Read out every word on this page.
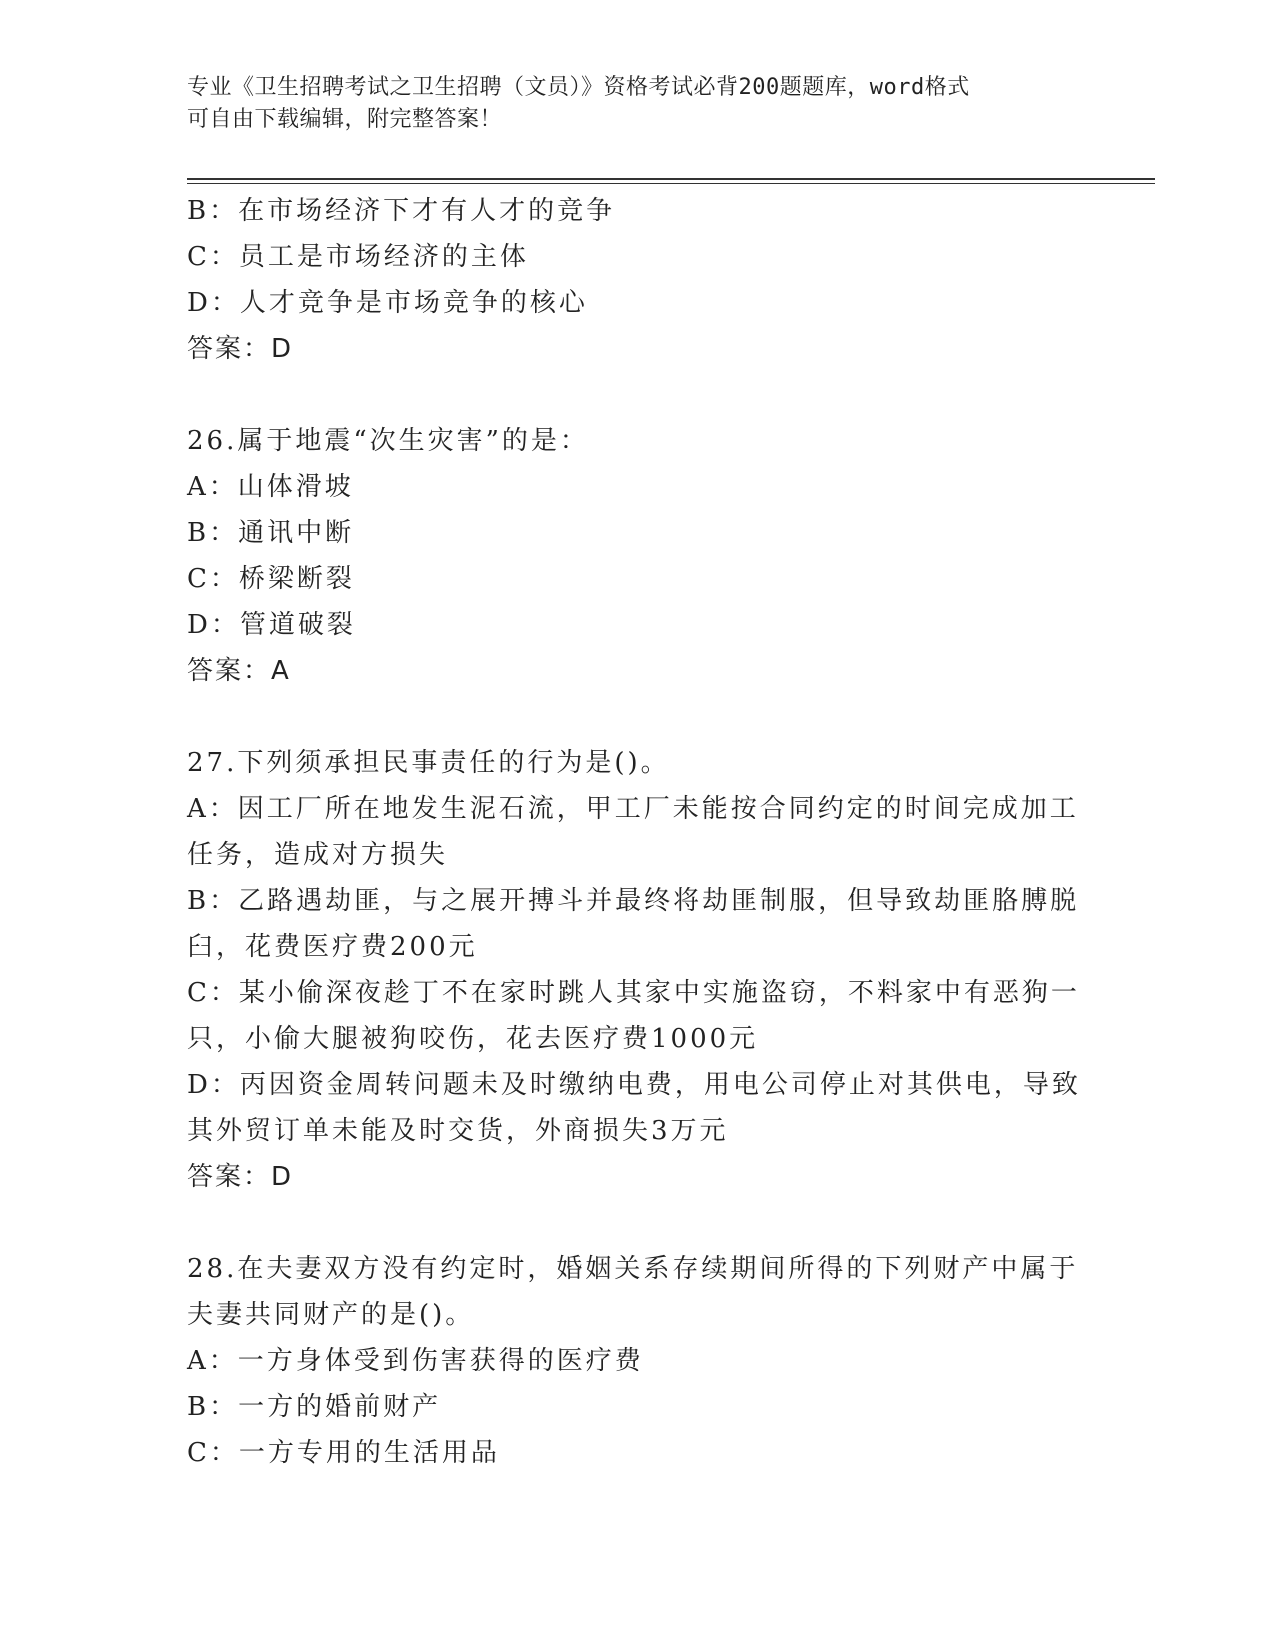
专业《卫生招聘考试之卫生招聘（文员）》资格考试必背200题题库，word格式
可自由下载编辑，附完整答案！
B：在市场经济下才有人才的竞争
C：员工是市场经济的主体
D：人才竞争是市场竞争的核心
答案：D
26.属于地震“次生灾害”的是：
A：山体滑坡
B：通讯中断
C：桥梁断裂
D：管道破裂
答案：A
27.下列须承担民事责任的行为是()。
A：因工厂所在地发生泥石流，甲工厂未能按合同约定的时间完成加工
任务，造成对方损失
B：乙路遇劫匪，与之展开搏斗并最终将劫匪制服，但导致劫匪胳膊脱
臼，花费医疗费200元
C：某小偷深夜趁丁不在家时跳人其家中实施盗窃，不料家中有恶狗一
只，小偷大腿被狗咬伤，花去医疗费1000元
D：丙因资金周转问题未及时缴纳电费，用电公司停止对其供电，导致
其外贸订单未能及时交货，外商损失3万元
答案：D
28.在夫妻双方没有约定时，婚姻关系存续期间所得的下列财产中属于
夫妻共同财产的是()。
A：一方身体受到伤害获得的医疗费
B：一方的婚前财产
C：一方专用的生活用品
